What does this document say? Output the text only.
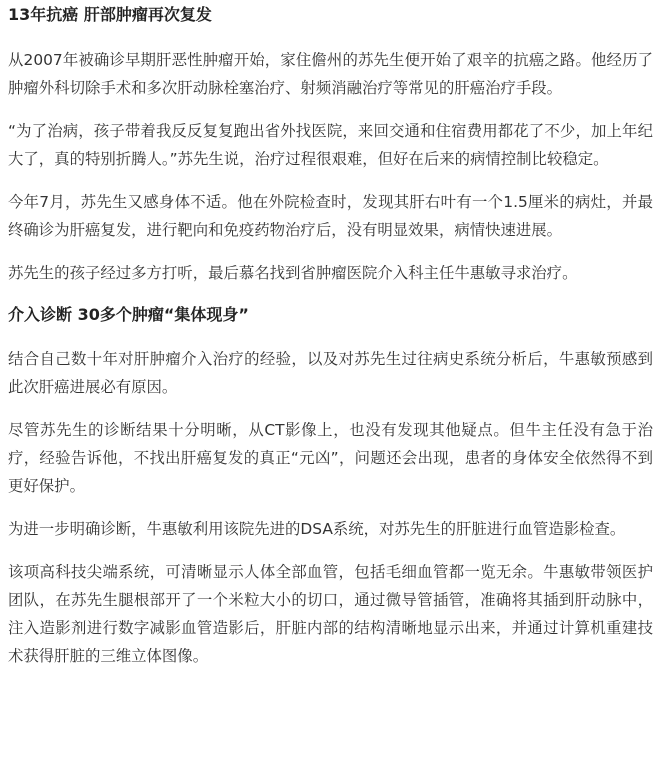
13年抗癌 肝部肿瘤再次复发

从2007年被确诊早期肝恶性肿瘤开始，家住儋州的苏先生便开始了艰辛的抗癌之路。他经历了肿瘤外科切除手术和多次肝动脉栓塞治疗、射频消融治疗等常见的肝癌治疗手段。

“为了治病，孩子带着我反反复复跑出省外找医院，来回交通和住宿费用都花了不少，加上年纪大了，真的特别折腾人。”苏先生说，治疗过程很艰难，但好在后来的病情控制比较稳定。

今年7月，苏先生又感身体不适。他在外院检查时，发现其肝右叶有一个1.5厘米的病灶，并最终确诊为肝癌复发，进行靶向和免疫药物治疗后，没有明显效果，病情快速进展。

苏先生的孩子经过多方打听，最后慕名找到省肿瘤医院介入科主任牛惠敏寻求治疗。

介入诊断 30多个肿瘤“集体现身”

结合自己数十年对肝肿瘤介入治疗的经验，以及对苏先生过往病史系统分析后，牛惠敏预感到此次肝癌进展必有原因。

尽管苏先生的诊断结果十分明晰，从CT影像上，也没有发现其他疑点。但牛主任没有急于治疗，经验告诉他，不找出肝癌复发的真正“元凶”，问题还会出现，患者的身体安全依然得不到更好保护。

为进一步明确诊断，牛惠敏利用该院先进的DSA系统，对苏先生的肝脏进行血管造影检查。

该项高科技尖端系统，可清晰显示人体全部血管，包括毛细血管都一览无余。牛惠敏带领医护团队，在苏先生腿根部开了一个米粒大小的切口，通过微导管插管，准确将其插到肝动脉中，注入造影剂进行数字减影血管造影后，肝脏内部的结构清晰地显示出来，并通过计算机重建技术获得肝脏的三维立体图像。
